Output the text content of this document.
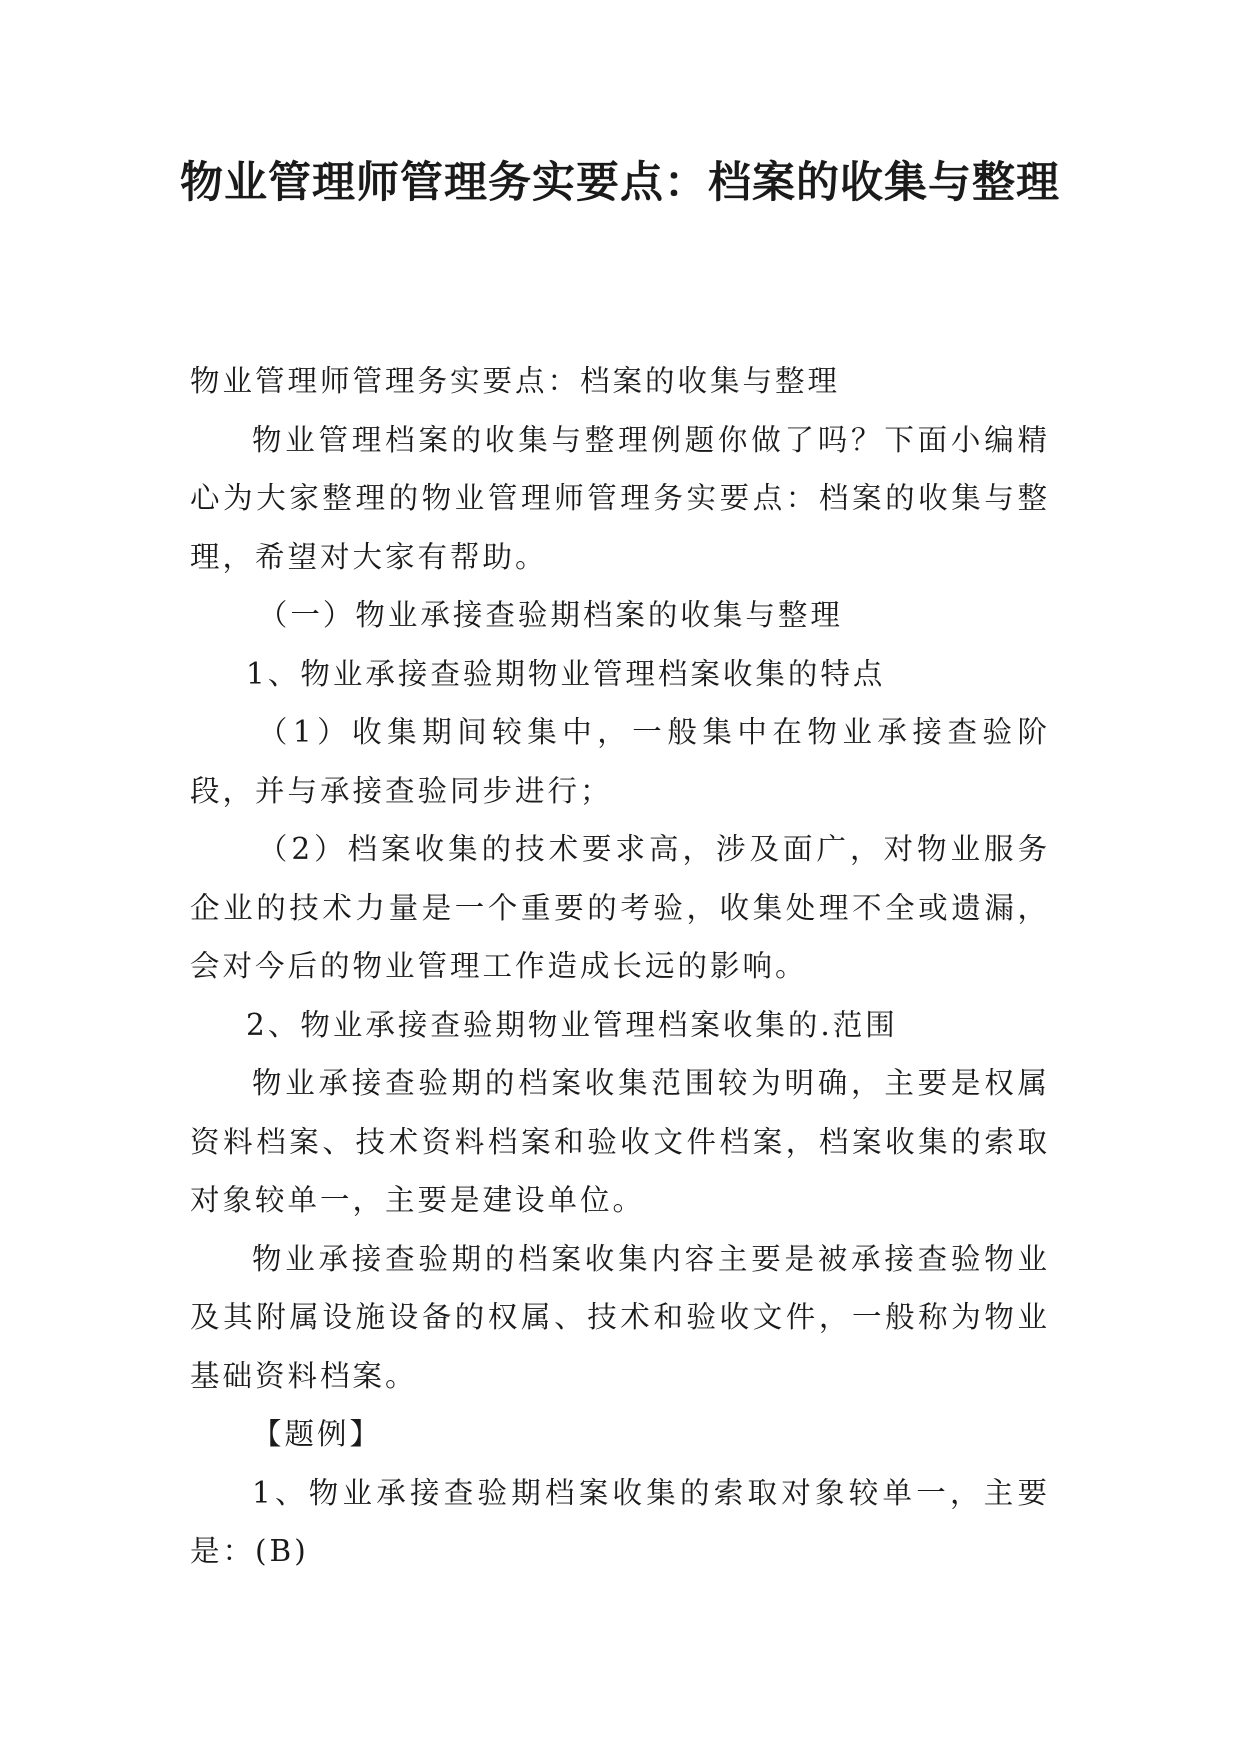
物业管理师管理务实要点：档案的收集与整理

物业管理师管理务实要点：档案的收集与整理

物业管理档案的收集与整理例题你做了吗？下面小编精心为大家整理的物业管理师管理务实要点：档案的收集与整理，希望对大家有帮助。

（一）物业承接查验期档案的收集与整理

1、物业承接查验期物业管理档案收集的特点

（1）收集期间较集中，一般集中在物业承接查验阶段，并与承接查验同步进行；

（2）档案收集的技术要求高，涉及面广，对物业服务企业的技术力量是一个重要的考验，收集处理不全或遗漏，会对今后的物业管理工作造成长远的影响。

2、物业承接查验期物业管理档案收集的.范围

物业承接查验期的档案收集范围较为明确，主要是权属资料档案、技术资料档案和验收文件档案，档案收集的索取对象较单一，主要是建设单位。

物业承接查验期的档案收集内容主要是被承接查验物业及其附属设施设备的权属、技术和验收文件，一般称为物业基础资料档案。

【题例】

1、物业承接查验期档案收集的索取对象较单一，主要是：(B)
